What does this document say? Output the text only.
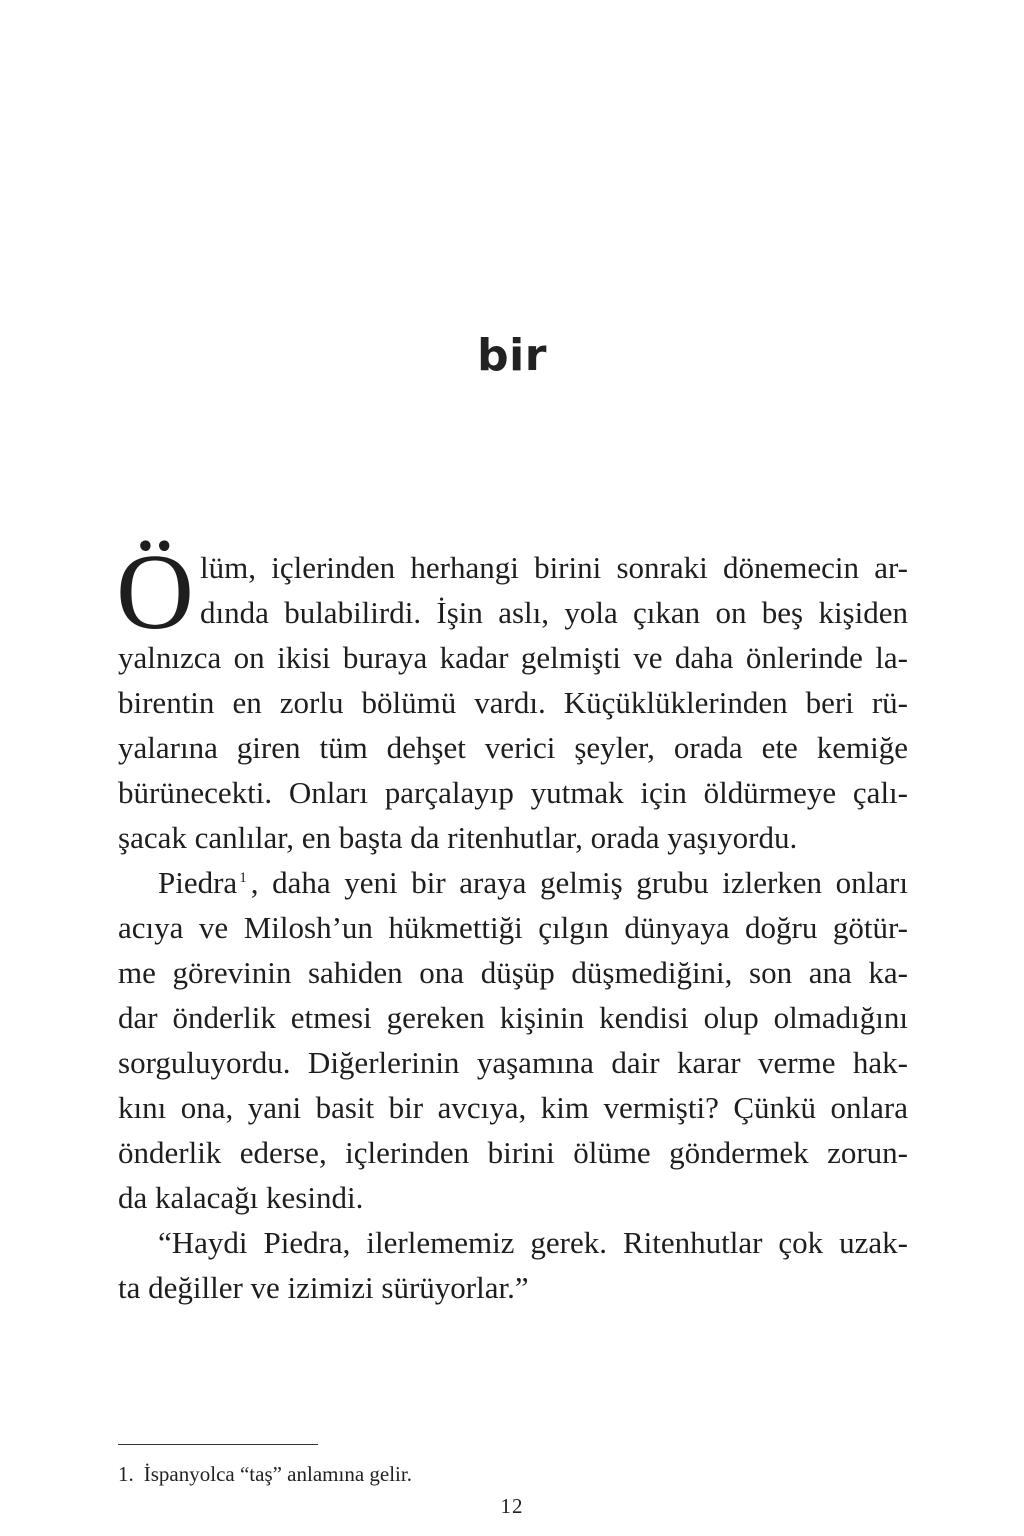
bir
Ö lüm, içlerinden herhangi birini sonraki dönemecin ar-
dında bulabilirdi. İşin aslı, yola çıkan on beş kişiden
yalnızca on ikisi buraya kadar gelmişti ve daha önlerinde la-
birentin en zorlu bölümü vardı. Küçüklüklerinden beri rü-
yalarına giren tüm dehşet verici şeyler, orada ete kemiğe
bürünecekti. Onları parçalayıp yutmak için öldürmeye çalı-
şacak canlılar, en başta da ritenhutlar, orada yaşıyordu.
Piedra $^1$ , daha yeni bir araya gelmiş grubu izlerken onları
acıya ve Milosh’un hükmettiği çılgın dünyaya doğru götür-
me görevinin sahiden ona düşüp düşmediğini, son ana ka-
dar önderlik etmesi gereken kişinin kendisi olup olmadığını
sorguluyordu. Diğerlerinin yaşamına dair karar verme hak-
kını ona, yani basit bir avcıya, kim vermişti? Çünkü onlara
önderlik ederse, içlerinden birini ölüme göndermek zorun-
da kalacağı kesindi.
“Haydi Piedra, ilerlememiz gerek. Ritenhutlar çok uzak-
ta değiller ve izimizi sürüyorlar.”
1. İspanyolca “taş” anlamına gelir.
12
